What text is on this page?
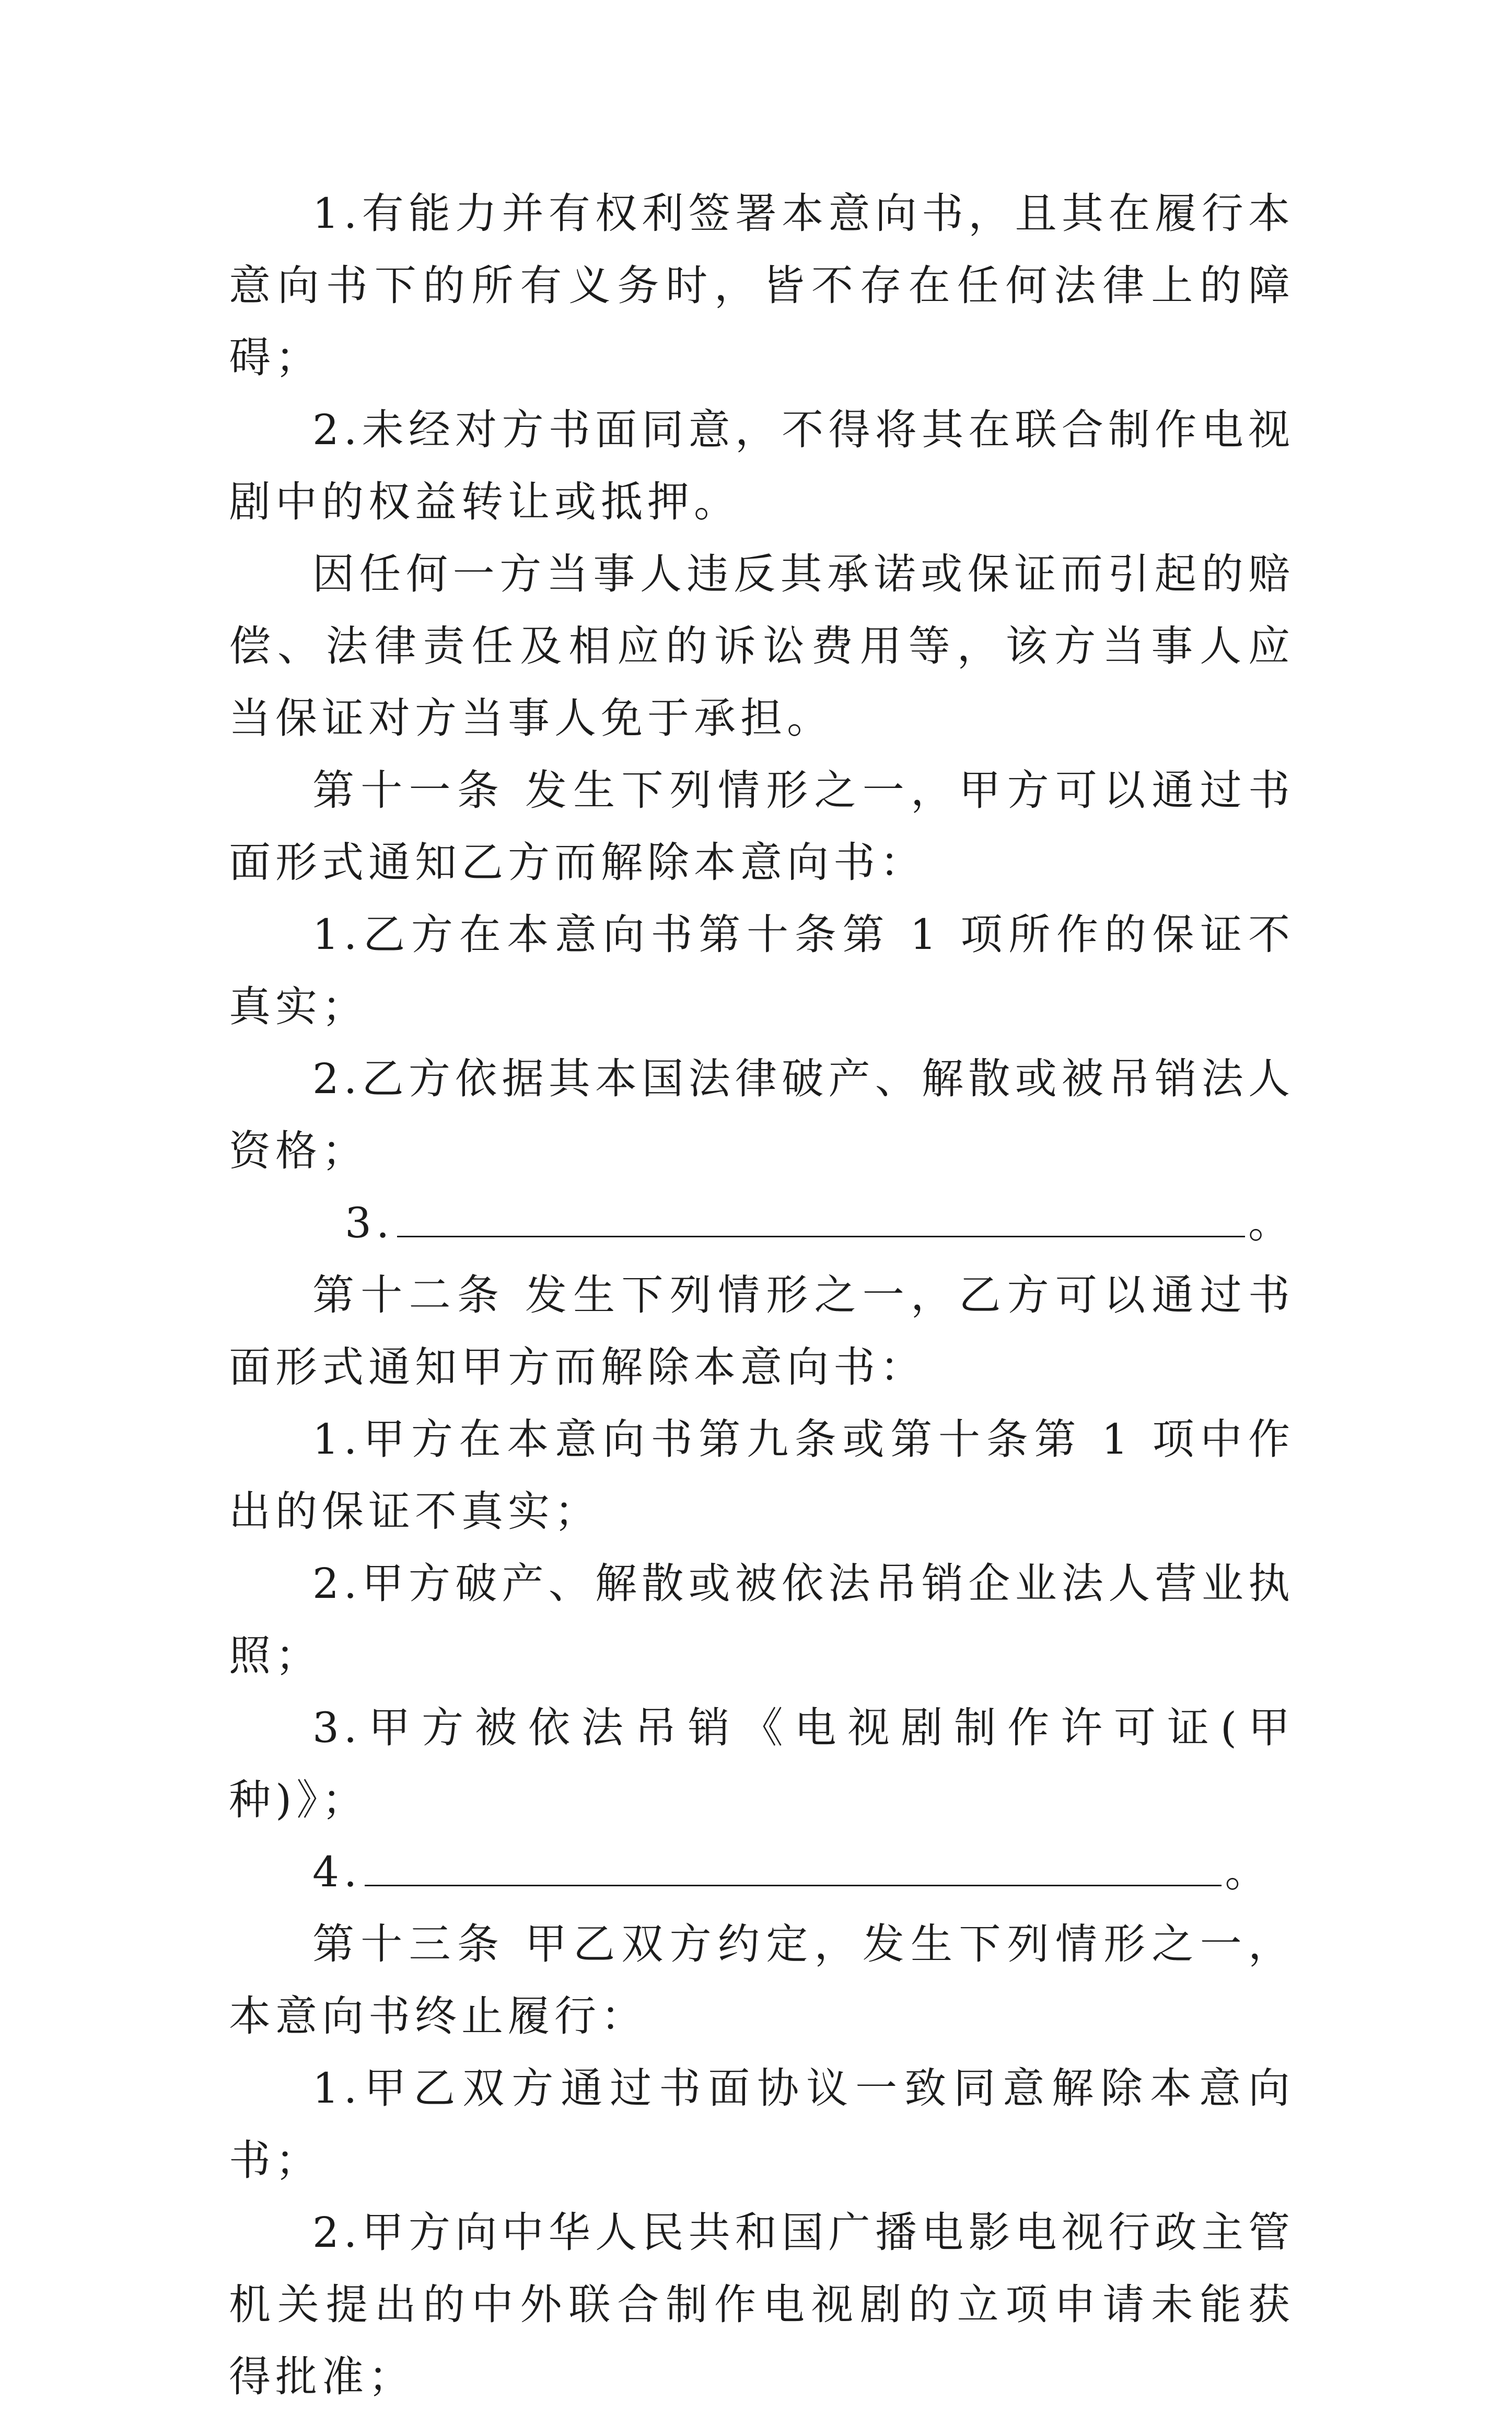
1.有能力并有权利签署本意向书，且其在履行本意向书下的所有义务时，皆不存在任何法律上的障碍；

2.未经对方书面同意，不得将其在联合制作电视剧中的权益转让或抵押。

因任何一方当事人违反其承诺或保证而引起的赔偿、法律责任及相应的诉讼费用等，该方当事人应当保证对方当事人免于承担。

第十一条 发生下列情形之一，甲方可以通过书面形式通知乙方而解除本意向书：

1.乙方在本意向书第十条第 1 项所作的保证不真实；

2.乙方依据其本国法律破产、解散或被吊销法人资格；

3.	。

第十二条 发生下列情形之一，乙方可以通过书面形式通知甲方而解除本意向书：

1.甲方在本意向书第九条或第十条第 1 项中作出的保证不真实；

2.甲方破产、解散或被依法吊销企业法人营业执照；

3.甲方被依法吊销《电视剧制作许可证(甲种)》；

4.	。

第十三条 甲乙双方约定，发生下列情形之一，本意向书终止履行：

1.甲乙双方通过书面协议一致同意解除本意向书；

2.甲方向中华人民共和国广播电影电视行政主管机关提出的中外联合制作电视剧的立项申请未能获得批准；
